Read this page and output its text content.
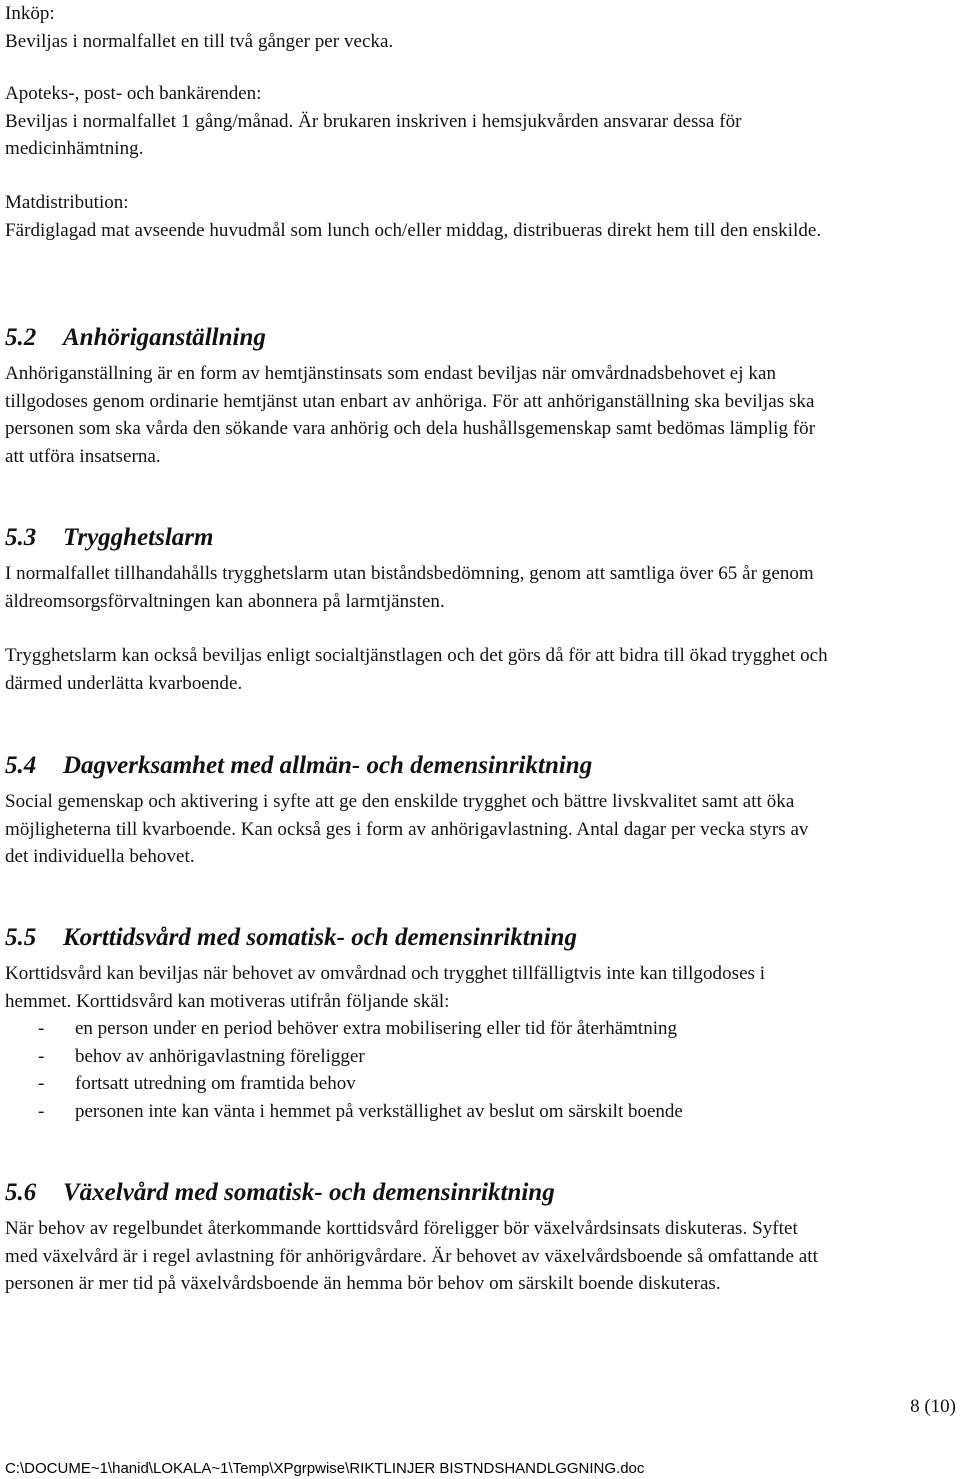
Inköp:

Beviljas i normalfallet en till två gånger per vecka.

Apoteks-, post- och bankärenden:

Beviljas i normalfallet 1 gång/månad. Är brukaren inskriven i hemsjukvården ansvarar dessa för medicinhämtning.

Matdistribution:

Färdiglagad mat avseende huvudmål som lunch och/eller middag, distribueras direkt hem till den enskilde.

5.2	Anhöriganställning

Anhöriganställning är en form av hemtjänstinsats som endast beviljas när omvårdnadsbehovet ej kan tillgodoses genom ordinarie hemtjänst utan enbart av anhöriga. För att anhöriganställning ska beviljas ska personen som ska vårda den sökande vara anhörig och dela hushållsgemenskap samt bedömas lämplig för att utföra insatserna.

5.3	Trygghetslarm

I normalfallet tillhandahålls trygghetslarm utan biståndsbedömning, genom att samtliga över 65 år genom äldreomsorgsförvaltningen kan abonnera på larmtjänsten.

Trygghetslarm kan också beviljas enligt socialtjänstlagen och det görs då för att bidra till ökad trygghet och därmed underlätta kvarboende.

5.4	Dagverksamhet med allmän- och demensinriktning

Social gemenskap och aktivering i syfte att ge den enskilde trygghet och bättre livskvalitet samt att öka möjligheterna till kvarboende. Kan också ges i form av anhörigavlastning. Antal dagar per vecka styrs av det individuella behovet.

5.5	Korttidsvård med somatisk- och demensinriktning

Korttidsvård kan beviljas när behovet av omvårdnad och trygghet tillfälligtvis inte kan tillgodoses i hemmet. Korttidsvård kan motiveras utifrån följande skäl:

-	en person under en period behöver extra mobilisering eller tid för återhämtning
-	behov av anhörigavlastning föreligger
-	fortsatt utredning om framtida behov
-	personen inte kan vänta i hemmet på verkställighet av beslut om särskilt boende
5.6	Växelvård med somatisk- och demensinriktning

När behov av regelbundet återkommande korttidsvård föreligger bör växelvårdsinsats diskuteras. Syftet med växelvård är i regel avlastning för anhörigvårdare. Är behovet av växelvårdsboende så omfattande att personen är mer tid på växelvårdsboende än hemma bör behov om särskilt boende diskuteras.

8 (10)
C:\DOCUME~1\hanid\LOKALA~1\Temp\XPgrpwise\RIKTLINJER BISTNDSHANDLGGNING.doc
